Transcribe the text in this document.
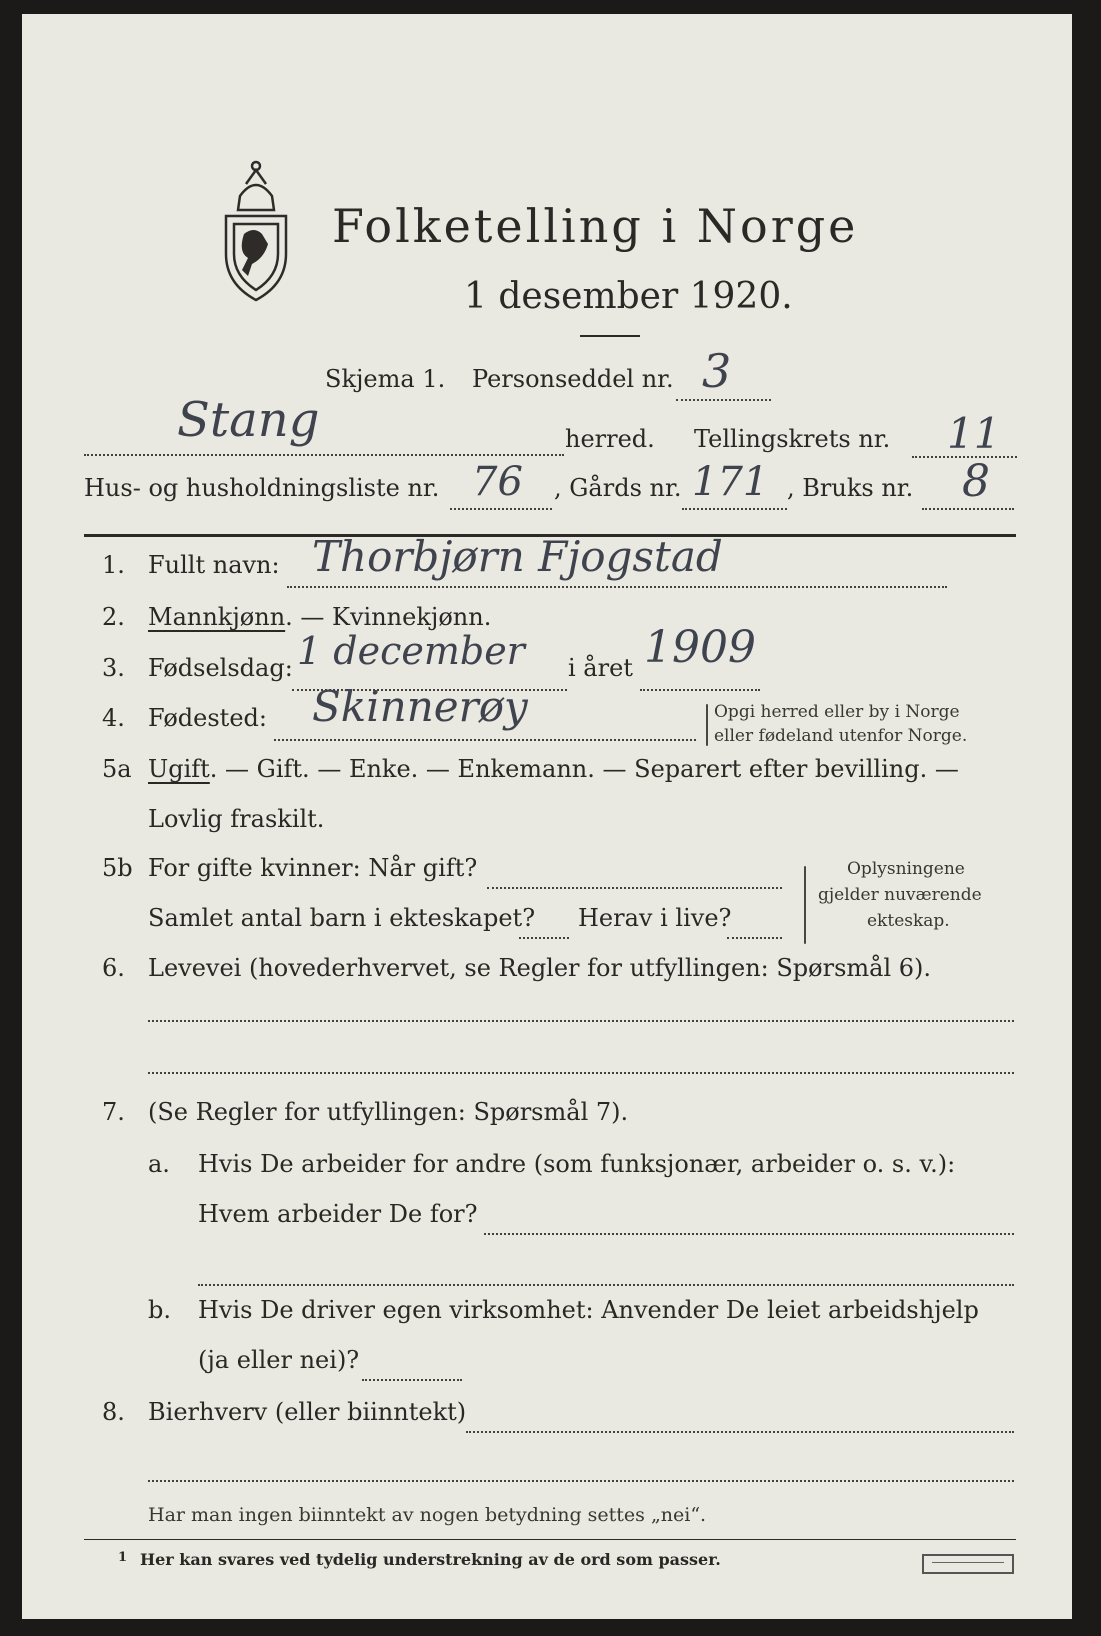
Folketelling i Norge
1 desember 1920.
Skjema 1. Personseddel nr. 3
Stang	herred. Tellingskrets nr. 11
Hus- og husholdningsliste nr. 76 , Gårds nr. 171 , Bruks nr. 8
1. Fullt navn: Thorbjørn Fjogstad
2. Mannkjønn. — Kvinnekjønn.
3. Fødselsdag: 1 december i året 1909
4. Fødested: Skinnerøy	Opgi herred eller by i Norge
eller fødeland utenfor Norge.
5a Ugift. — Gift. — Enke. — Enkemann. — Separert efter bevilling. —
Lovlig fraskilt.
5b For gifte kvinner: Når gift?
Samlet antal barn i ekteskapet? Herav i live?
Oplysningene
gjelder nuværende
ekteskap.
6. Levevei (hovederhvervet, se Regler for utfyllingen: Spørsmål 6).
7. (Se Regler for utfyllingen: Spørsmål 7).
a. Hvis De arbeider for andre (som funksjonær, arbeider o. s. v.):
Hvem arbeider De for?
b. Hvis De driver egen virksomhet: Anvender De leiet arbeidshjelp
(ja eller nei)?
8. Bierhverv (eller biinntekt)
Har man ingen biinntekt av nogen betydning settes „nei“.
1 Her kan svares ved tydelig understrekning av de ord som passer.
